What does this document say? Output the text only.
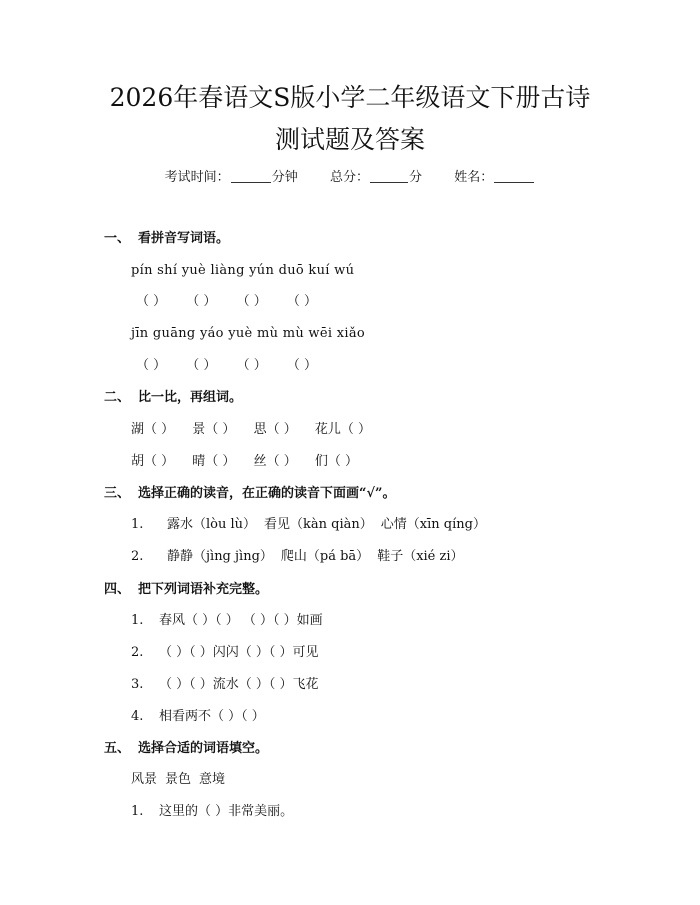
2026年春语文S版小学二年级语文下册古诗
测试题及答案
考试时间：	分钟 总分：	分 姓名：
一、 看拼音写词语。
pín shí yuè liàng yún duō kuí wú
（ ） （ ） （ ） （ ）
jīn guāng yáo yuè mù mù wēi xiǎo
（ ） （ ） （ ） （ ）
二、 比一比，再组词。
湖（ ） 景（ ） 思（ ） 花儿（ ）
胡（ ） 晴（ ） 丝（ ） 们（ ）
三、 选择正确的读音，在正确的读音下面画“√”。
1. 露水（lòu lù） 看见（kàn qiàn） 心情（xīn qíng）
2. 静静（jìng jìng） 爬山（pá bā） 鞋子（xié zi）
四、 把下列词语补充完整。
1. 春风（ ）（ ） （ ）（ ）如画
2. （ ）（ ）闪闪（ ）（ ）可见
3. （ ）（ ）流水（ ）（ ）飞花
4. 相看两不（ ）（ ）
五、 选择合适的词语填空。
风景 景色 意境
1. 这里的（ ）非常美丽。
